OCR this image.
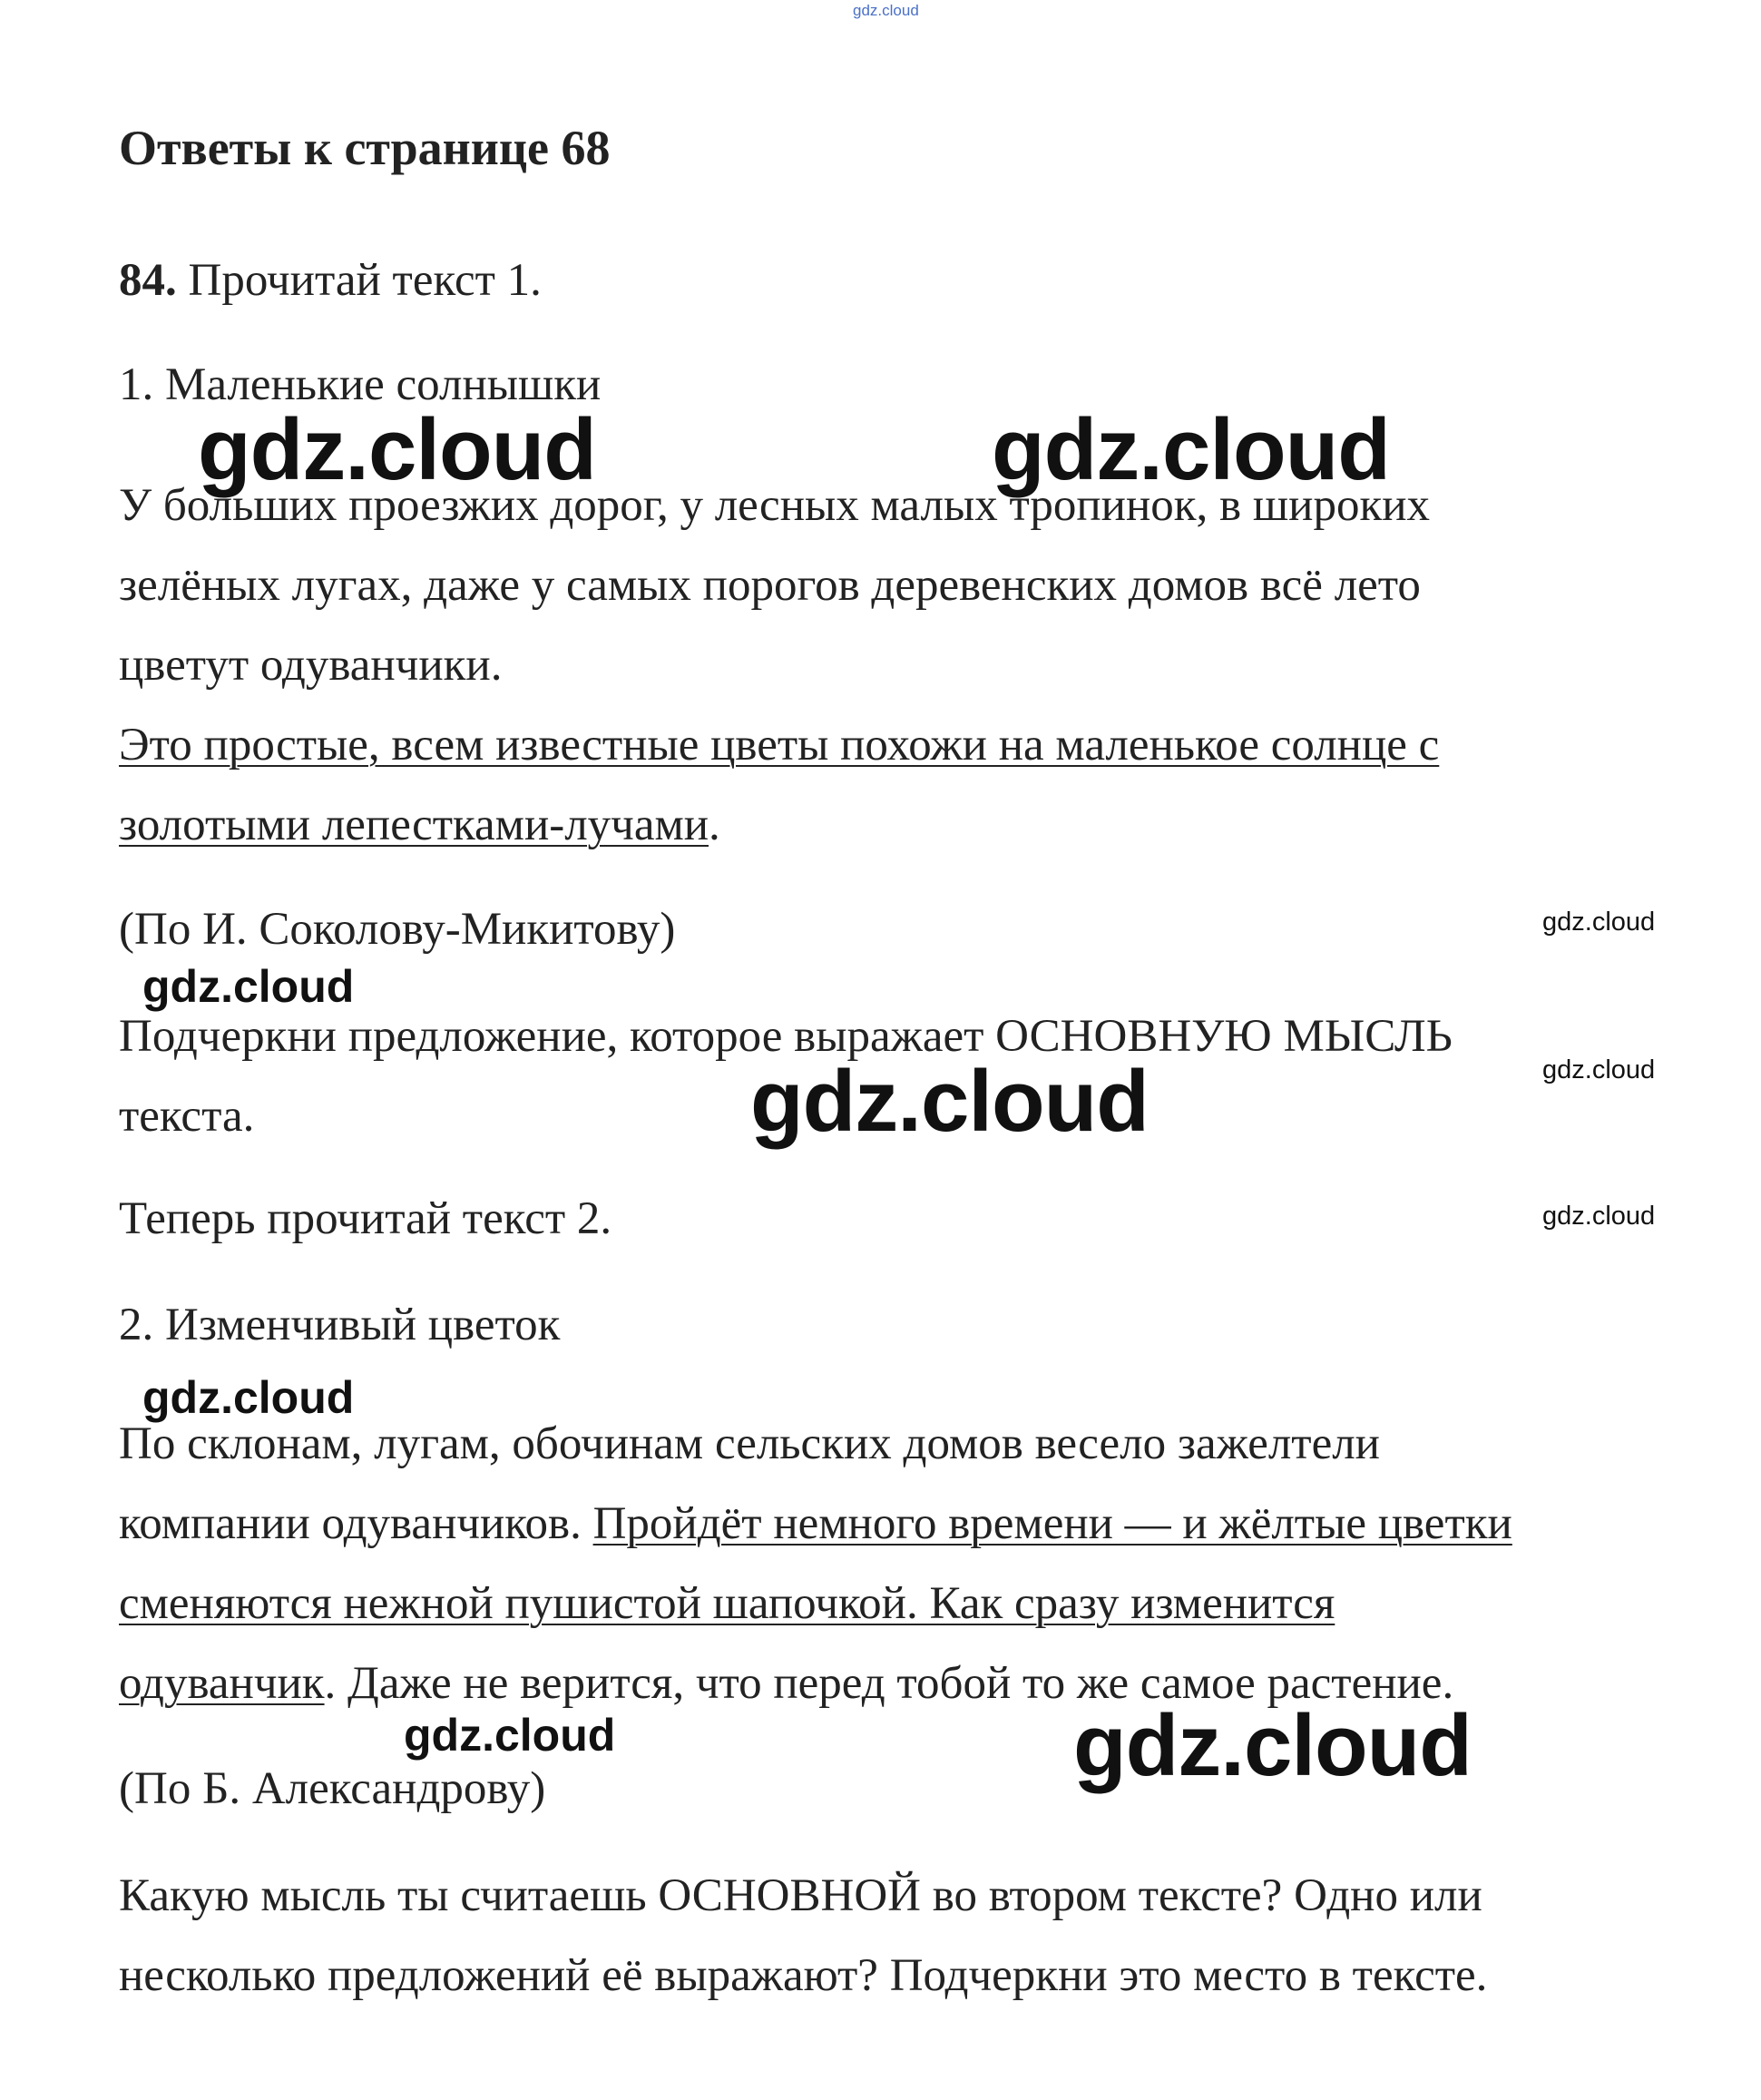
gdz.cloud
Ответы к странице 68

84. Прочитай текст 1.

1. Маленькие солнышки

У больших проезжих дорог, у лесных малых тропинок, в широких

зелёных лугах, даже у самых порогов деревенских домов всё лето

цветут одуванчики.

Это простые, всем известные цветы похожи на маленькое солнце с

золотыми лепестками-лучами.

(По И. Соколову-Микитову)

Подчеркни предложение, которое выражает ОСНОВНУЮ МЫСЛЬ

текста.

Теперь прочитай текст 2.

2. Изменчивый цветок

По склонам, лугам, обочинам сельских домов весело зажелтели

компании одуванчиков. Пройдёт немного времени — и жёлтые цветки

сменяются нежной пушистой шапочкой. Как сразу изменится

одуванчик. Даже не верится, что перед тобой то же самое растение.

(По Б. Александрову)

Какую мысль ты считаешь ОСНОВНОЙ во втором тексте? Одно или

несколько предложений её выражают? Подчеркни это место в тексте.

gdz.cloud	gdz.cloud
gdz.cloud
gdz.cloud
gdz.cloud
gdz.cloud
gdz.cloud
gdz.cloud
gdz.cloud	gdz.cloud
